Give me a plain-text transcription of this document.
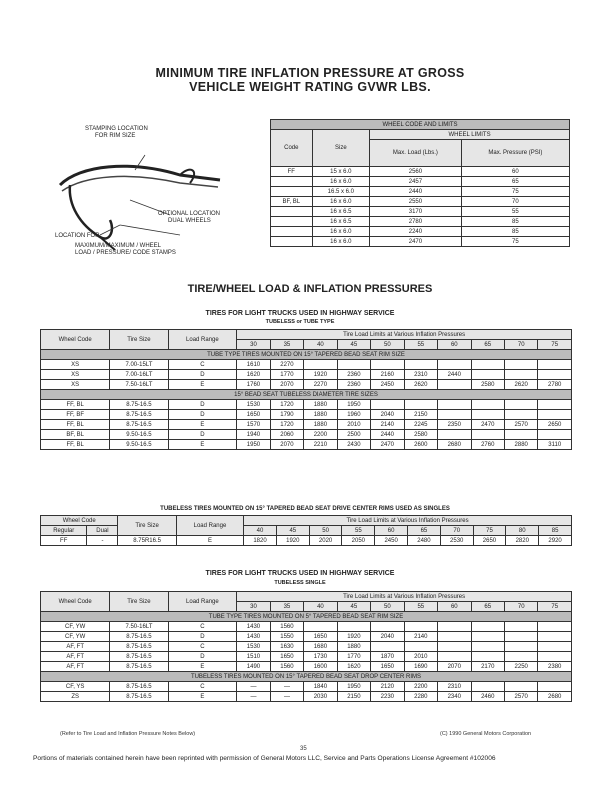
MINIMUM TIRE INFLATION PRESSURE AT GROSS
VEHICLE WEIGHT RATING GVWR LBS.
STAMPING LOCATION
FOR RIM SIZE
OPTIONAL LOCATION
DUAL WHEELS
LOCATION FOR
MAXIMUM/MAXIMUM / WHEEL
LOAD / PRESSURE/ CODE STAMPS
WHEEL CODE AND LIMITS			
Code	Size	WHEEL LIMITS	
		Max. Load (Lbs.)	Max. Pressure (PSI)
FF	15 x 6.0	2560	60
	16 x 6.0	2457	65
	16.5 x 6.0	2440	75
BF, BL	16 x 6.0	2550	70
	16 x 6.5	3170	55
	16 x 6.5	2780	85
	16 x 6.0	2240	85
	16 x 6.0	2470	75
TIRE/WHEEL LOAD & INFLATION PRESSURES
TIRES FOR LIGHT TRUCKS USED IN HIGHWAY SERVICE
TUBELESS or TUBE TYPE
Wheel Code	Tire Size	Load Range	Tire Load Limits at Various Inflation Pressures									
			30	35	40	45	50	55	60	65	70	75
TUBE TYPE TIRES MOUNTED ON 15° TAPERED BEAD SEAT RIM SIZE												
XS	7.00-15LT	C	1610	2270								
XS	7.00-16LT	D	1620	1770	1920	2360	2160	2310	2440			
XS	7.50-16LT	E	1760	2070	2270	2360	2450	2620		2580	2620	2780
15° BEAD SEAT TUBELESS DIAMETER TIRE SIZES												
FF, BL	8.75-16.5	D	1530	1720	1880	1950						
FF, BF	8.75-16.5	D	1650	1790	1880	1960	2040	2150				
FF, BL	8.75-16.5	E	1570	1720	1880	2010	2140	2245	2350	2470	2570	2650
BF, BL	9.50-16.5	D	1940	2060	2200	2500	2440	2580				
FF, BL	9.50-16.5	E	1950	2070	2210	2430	2470	2600	2680	2760	2880	3110
TUBELESS TIRES MOUNTED ON 15° TAPERED BEAD SEAT DRIVE CENTER RIMS USED AS SINGLES
Wheel Code		Tire Size	Load Range	Tire Load Limits at Various Inflation Pressures									
Regular	Dual			40	45	50	55	60	65	70	75	80	85
FF	-	8.75R16.5	E	1820	1920	2020	2050	2450	2480	2530	2650	2820	2920
TIRES FOR LIGHT TRUCKS USED IN HIGHWAY SERVICE
TUBELESS SINGLE
Wheel Code	Tire Size	Load Range	Tire Load Limits at Various Inflation Pressures									
			30	35	40	45	50	55	60	65	70	75
TUBE TYPE TIRES MOUNTED ON 5° TAPERED BEAD SEAT RIM SIZE												
CF, YW	7.50-16LT	C	1430	1560								
CF, YW	8.75-16.5	D	1430	1550	1650	1920	2040	2140				
AF, FT	8.75-16.5	C	1530	1630	1680	1880						
AF, FT	8.75-16.5	D	1510	1650	1730	1770	1870	2010				
AF, FT	8.75-16.5	E	1490	1560	1600	1620	1650	1690	2070	2170	2250	2380
TUBELESS TIRES MOUNTED ON 15° TAPERED BEAD SEAT DROP CENTER RIMS												
CF, YS	8.75-16.5	C	—	—	1840	1950	2120	2200	2310			
ZS	8.75-16.5	E	—	—	2030	2150	2230	2280	2340	2460	2570	2680
(Refer to Tire Load and Inflation Pressure Notes Below)	(C) 1990 General Motors Corporation
35
Portions of materials contained herein have been reprinted with permission of General Motors LLC, Service and Parts Operations License Agreement #102006
